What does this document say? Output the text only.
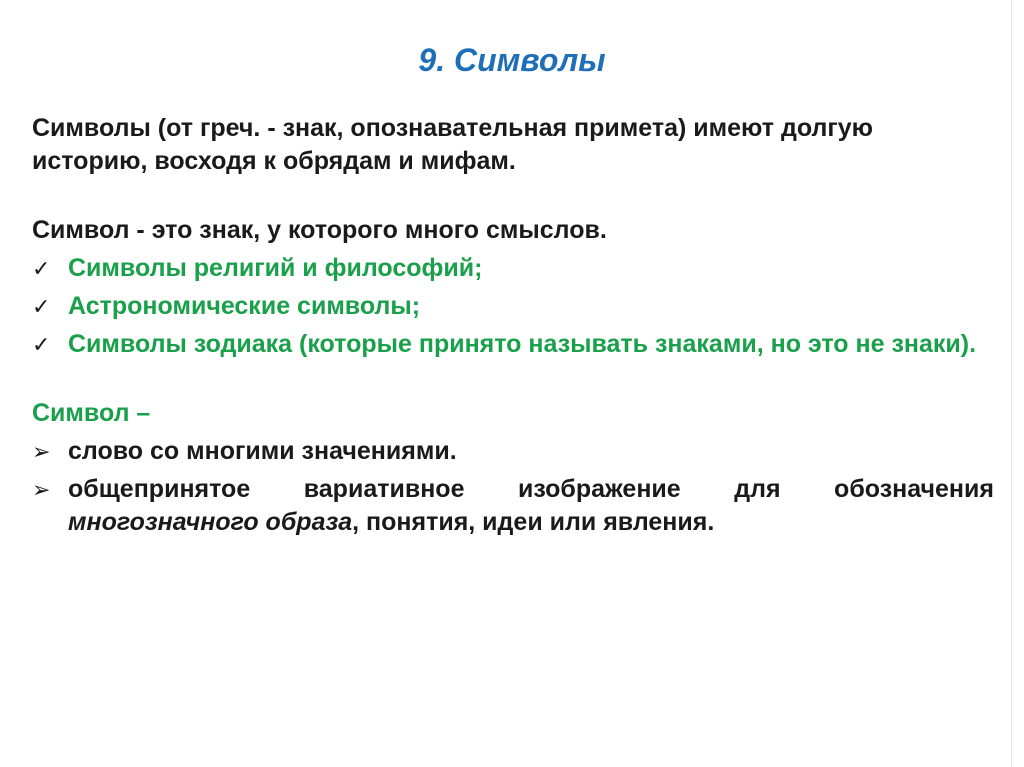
9. Символы

Символы (от греч. - знак, опознавательная примета) имеют долгую историю, восходя к обрядам и мифам.

Символ - это знак, у которого много смыслов.

✓ Символы религий и философий;
✓ Астрономические символы;
✓ Символы зодиака (которые принято называть знаками, но это не знаки).

Символ –

➢ слово со многими значениями.
➢ общепринятое вариативное изображение для обозначения многозначного образа, понятия, идеи или явления.
